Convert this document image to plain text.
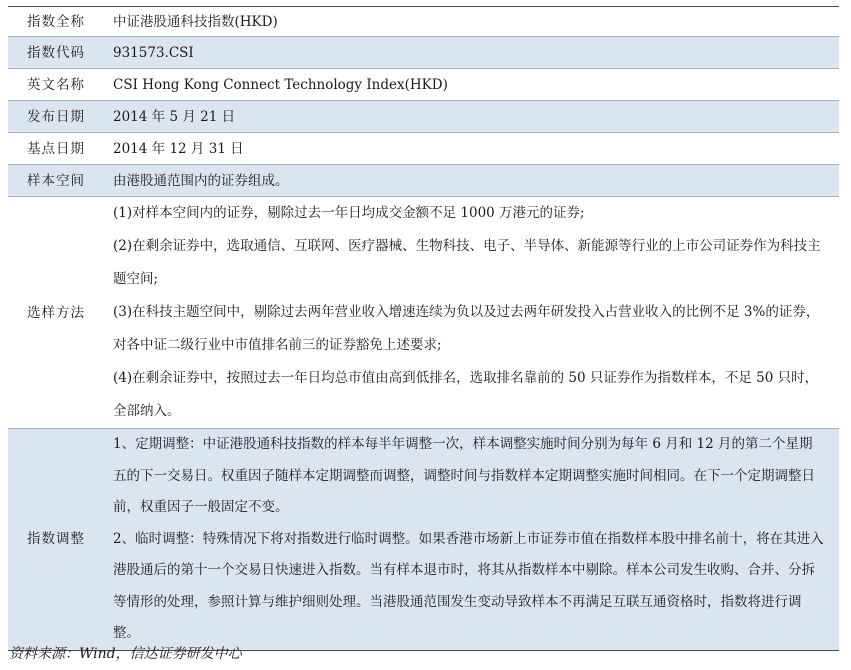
指数全称	中证港股通科技指数(HKD)
指数代码	931573.CSI
英文名称	CSI Hong Kong Connect Technology Index(HKD)
发布日期	2014 年 5 月 21 日
基点日期	2014 年 12 月 31 日
样本空间	由港股通范围内的证券组成。
选样方法	(1)对样本空间内的证券，剔除过去一年日均成交金额不足 1000 万港元的证券;
(2)在剩余证券中，选取通信、互联网、医疗器械、生物科技、电子、半导体、新能源等行业的上市公司证券作为科技主题空间;
(3)在科技主题空间中，剔除过去两年营业收入增速连续为负以及过去两年研发投入占营业收入的比例不足 3%的证券，对各中证二级行业中市值排名前三的证券豁免上述要求;
(4)在剩余证券中，按照过去一年日均总市值由高到低排名，选取排名靠前的 50 只证券作为指数样本，不足 50 只时，全部纳入。

指数调整	1、定期调整：中证港股通科技指数的样本每半年调整一次，样本调整实施时间分别为每年 6 月和 12 月的第二个星期五的下一交易日。权重因子随样本定期调整而调整，调整时间与指数样本定期调整实施时间相同。在下一个定期调整日前，权重因子一般固定不变。
2、临时调整：特殊情况下将对指数进行临时调整。如果香港市场新上市证券市值在指数样本股中排名前十，将在其进入港股通后的第十一个交易日快速进入指数。当有样本退市时，将其从指数样本中剔除。样本公司发生收购、合并、分拆等情形的处理，参照计算与维护细则处理。当港股通范围发生变动导致样本不再满足互联互通资格时，指数将进行调整。
资料来源：Wind，信达证券研发中心
